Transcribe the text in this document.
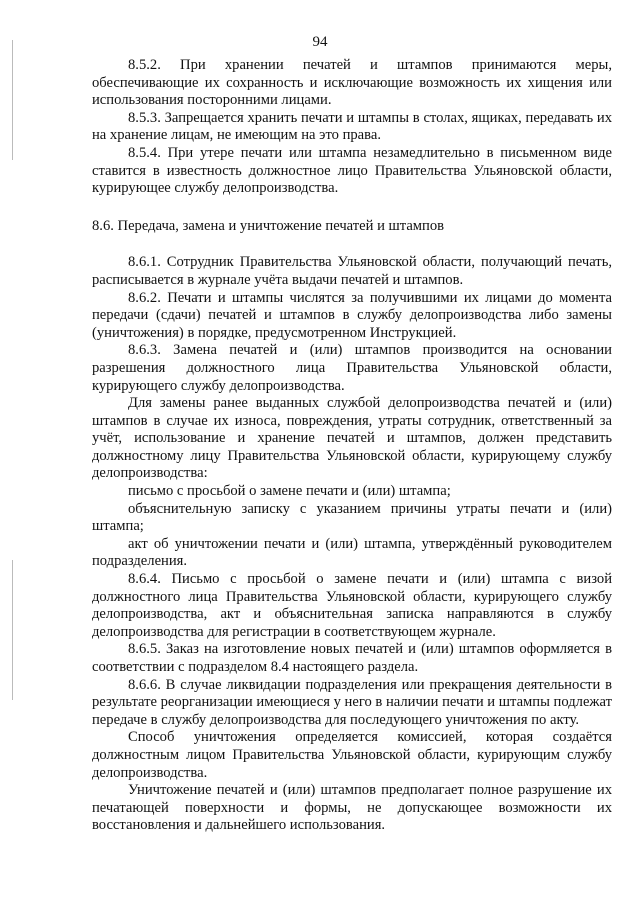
94

8.5.2. При хранении печатей и штампов принимаются меры, обеспечивающие их сохранность и исключающие возможность их хищения или использования посторонними лицами.

8.5.3. Запрещается хранить печати и штампы в столах, ящиках, передавать их на хранение лицам, не имеющим на это права.

8.5.4. При утере печати или штампа незамедлительно в письменном виде ставится в известность должностное лицо Правительства Ульяновской области, курирующее службу делопроизводства.

8.6. Передача, замена и уничтожение печатей и штампов

8.6.1. Сотрудник Правительства Ульяновской области, получающий печать, расписывается в журнале учёта выдачи печатей и штампов.

8.6.2. Печати и штампы числятся за получившими их лицами до момента передачи (сдачи) печатей и штампов в службу делопроизводства либо замены (уничтожения) в порядке, предусмотренном Инструкцией.

8.6.3. Замена печатей и (или) штампов производится на основании разрешения должностного лица Правительства Ульяновской области, курирующего службу делопроизводства.

Для замены ранее выданных службой делопроизводства печатей и (или) штампов в случае их износа, повреждения, утраты сотрудник, ответственный за учёт, использование и хранение печатей и штампов, должен представить должностному лицу Правительства Ульяновской области, курирующему службу делопроизводства:

письмо с просьбой о замене печати и (или) штампа;

объяснительную записку с указанием причины утраты печати и (или) штампа;

акт об уничтожении печати и (или) штампа, утверждённый руководителем подразделения.

8.6.4. Письмо с просьбой о замене печати и (или) штампа с визой должностного лица Правительства Ульяновской области, курирующего службу делопроизводства, акт и объяснительная записка направляются в службу делопроизводства для регистрации в соответствующем журнале.

8.6.5. Заказ на изготовление новых печатей и (или) штампов оформляется в соответствии с подразделом 8.4 настоящего раздела.

8.6.6. В случае ликвидации подразделения или прекращения деятельности в результате реорганизации имеющиеся у него в наличии печати и штампы подлежат передаче в службу делопроизводства для последующего уничтожения по акту.

Способ уничтожения определяется комиссией, которая создаётся должностным лицом Правительства Ульяновской области, курирующим службу делопроизводства.

Уничтожение печатей и (или) штампов предполагает полное разрушение их печатающей поверхности и формы, не допускающее возможности их восстановления и дальнейшего использования.
